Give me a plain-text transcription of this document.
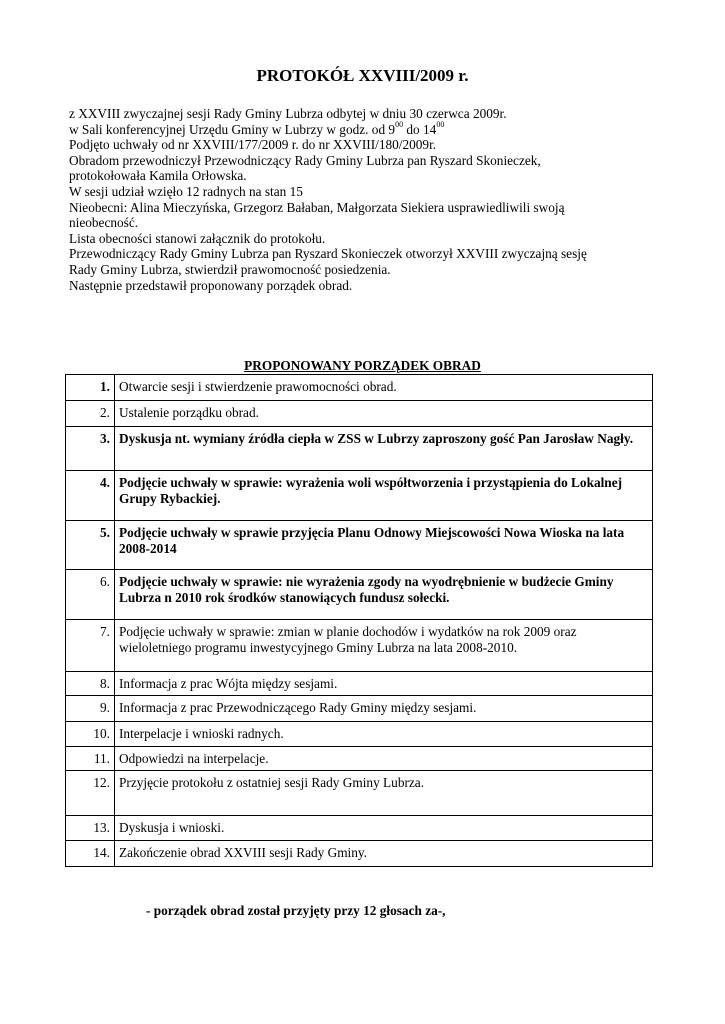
PROTOKÓŁ XXVIII/2009 r.

z XXVIII zwyczajnej sesji Rady Gminy Lubrza odbytej w dniu 30 czerwca 2009r.

w Sali konferencyjnej Urzędu Gminy w Lubrzy w godz. od $9^{00}$ do $14^{00}$

Podjęto uchwały od nr XXVIII/177/2009 r. do nr XXVIII/180/2009r.

Obradom przewodniczył Przewodniczący Rady Gminy Lubrza pan Ryszard Skonieczek,

protokołowała Kamila Orłowska.

W sesji udział wzięło 12 radnych na stan 15

Nieobecni: Alina Mieczyńska, Grzegorz Bałaban, Małgorzata Siekiera usprawiedliwili swoją

nieobecność.

Lista obecności stanowi załącznik do protokołu.

Przewodniczący Rady Gminy Lubrza pan Ryszard Skonieczek otworzył XXVIII zwyczajną sesję

Rady Gminy Lubrza, stwierdził prawomocność posiedzenia.

Następnie przedstawił proponowany porządek obrad.

PROPONOWANY PORZĄDEK OBRAD
1.	Otwarcie sesji i stwierdzenie prawomocności obrad.
2.	Ustalenie porządku obrad.
3.	Dyskusja nt. wymiany źródła ciepła w ZSS w Lubrzy zaproszony gość Pan Jarosław Nagły.
4.	Podjęcie uchwały w sprawie: wyrażenia woli współtworzenia i przystąpienia do Lokalnej Grupy Rybackiej.
5.	Podjęcie uchwały w sprawie przyjęcia Planu Odnowy Miejscowości Nowa Wioska na lata 2008-2014
6.	Podjęcie uchwały w sprawie: nie wyrażenia zgody na wyodrębnienie w budżecie Gminy Lubrza n 2010 rok środków stanowiących fundusz sołecki.
7.	Podjęcie uchwały w sprawie: zmian w planie dochodów i wydatków na rok 2009 oraz wieloletniego programu inwestycyjnego Gminy Lubrza na lata 2008-2010.
8.	Informacja z prac Wójta między sesjami.
9.	Informacja z prac Przewodniczącego Rady Gminy między sesjami.
10.	Interpelacje i wnioski radnych.
11.	Odpowiedzi na interpelacje.
12.	Przyjęcie protokołu z ostatniej sesji Rady Gminy Lubrza.
13.	Dyskusja i wnioski.
14.	Zakończenie obrad XXVIII sesji Rady Gminy.
- porządek obrad został przyjęty przy 12 głosach za-,
